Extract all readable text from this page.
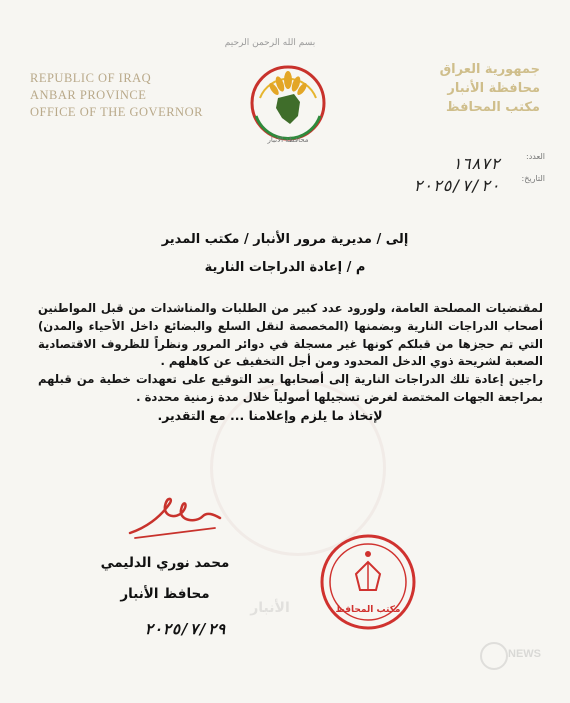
بسم الله الرحمن الرحيم
REPUBLIC OF IRAQ
ANBAR PROVINCE
OFFICE OF THE GOVERNOR
جمهورية العراق
محافظة الأنبار
مكتب المحافظ
محافظة الأنبار
العدد:
١٦٨٧٢
التاريخ:
٢٠٢٥/٧/٢٠
إلى / مديرية مرور الأنبار / مكتب المدير
م / إعادة الدراجات النارية

لمقتضيات المصلحة العامة، ولورود عدد كبير من الطلبات والمناشدات من قبل المواطنين أصحاب الدراجات النارية وبضمنها (المخصصة لنقل السلع والبضائع داخل الأحياء والمدن) التي تم حجزها من قبلكم كونها غير مسجلة في دوائر المرور ونظراً للظروف الاقتصادية الصعبة لشريحة ذوي الدخل المحدود ومن أجل التخفيف عن كاهلهم .

راجين إعادة تلك الدراجات النارية إلى أصحابها بعد التوقيع على تعهدات خطية من قبلهم بمراجعة الجهات المختصة لغرض تسجيلها أصولياً خلال مدة زمنية محددة .

لإتخاذ ما يلزم وإعلامنا ... مع التقدير.
محمد نوري الدليمي
محافظ الأنبار
٢٠٢٥/٧/٢٩
مكتب المحافظ
الأنبار
NEWS
